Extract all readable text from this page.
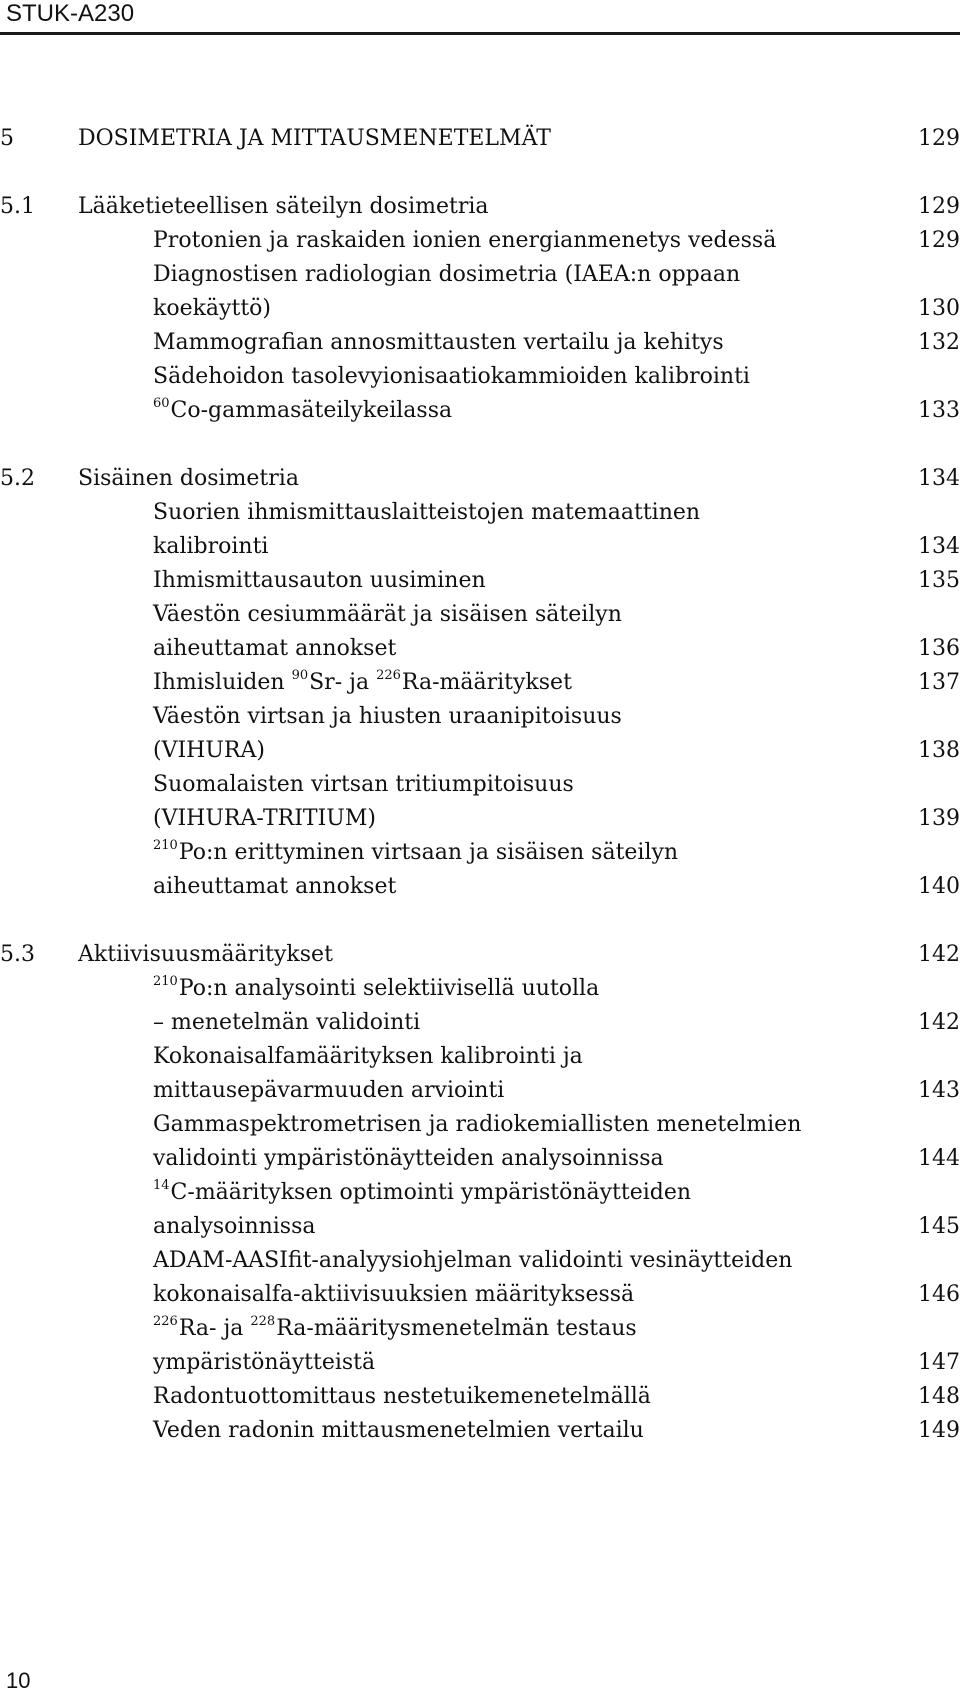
STUK-A230
5	DOSIMETRIA JA MITTAUSMENETELMÄT	129
5.1 Lääketieteellisen säteilyn dosimetria	129
Protonien ja raskaiden ionien energianmenetys vedessä	129
Diagnostisen radiologian dosimetria (IAEA:n oppaan
koekäyttö)	130
Mammografian annosmittausten vertailu ja kehitys	132
Sädehoidon tasolevyionisaatiokammioiden kalibrointi
$^{60}$Co-gammasäteilykeilassa	133
5.2 Sisäinen dosimetria	134
Suorien ihmismittauslaitteistojen matemaattinen
kalibrointi	134
Ihmismittausauton uusiminen	135
Väestön cesiummäärät ja sisäisen säteilyn
aiheuttamat annokset	136
Ihmisluiden $^{90}$Sr- ja $^{226}$Ra-määritykset	137
Väestön virtsan ja hiusten uraanipitoisuus
(VIHURA)	138
Suomalaisten virtsan tritiumpitoisuus
(VIHURA-TRITIUM)	139
$^{210}$Po:n erittyminen virtsaan ja sisäisen säteilyn
aiheuttamat annokset	140
5.3 Aktiivisuusmääritykset	142
$^{210}$Po:n analysointi selektiivisellä uutolla
– menetelmän validointi	142
Kokonaisalfamäärityksen kalibrointi ja
mittausepävarmuuden arviointi	143
Gammaspektrometrisen ja radiokemiallisten menetelmien
validointi ympäristönäytteiden analysoinnissa	144
$^{14}$C-määrityksen optimointi ympäristönäytteiden
analysoinnissa	145
ADAM-AASIfit-analyysiohjelman validointi vesinäytteiden
kokonaisalfa-aktiivisuuksien määrityksessä	146
$^{226}$Ra- ja $^{228}$Ra-määritysmenetelmän testaus
ympäristönäytteistä	147
Radontuottomittaus nestetuikemenetelmällä	148
Veden radonin mittausmenetelmien vertailu	149
10
